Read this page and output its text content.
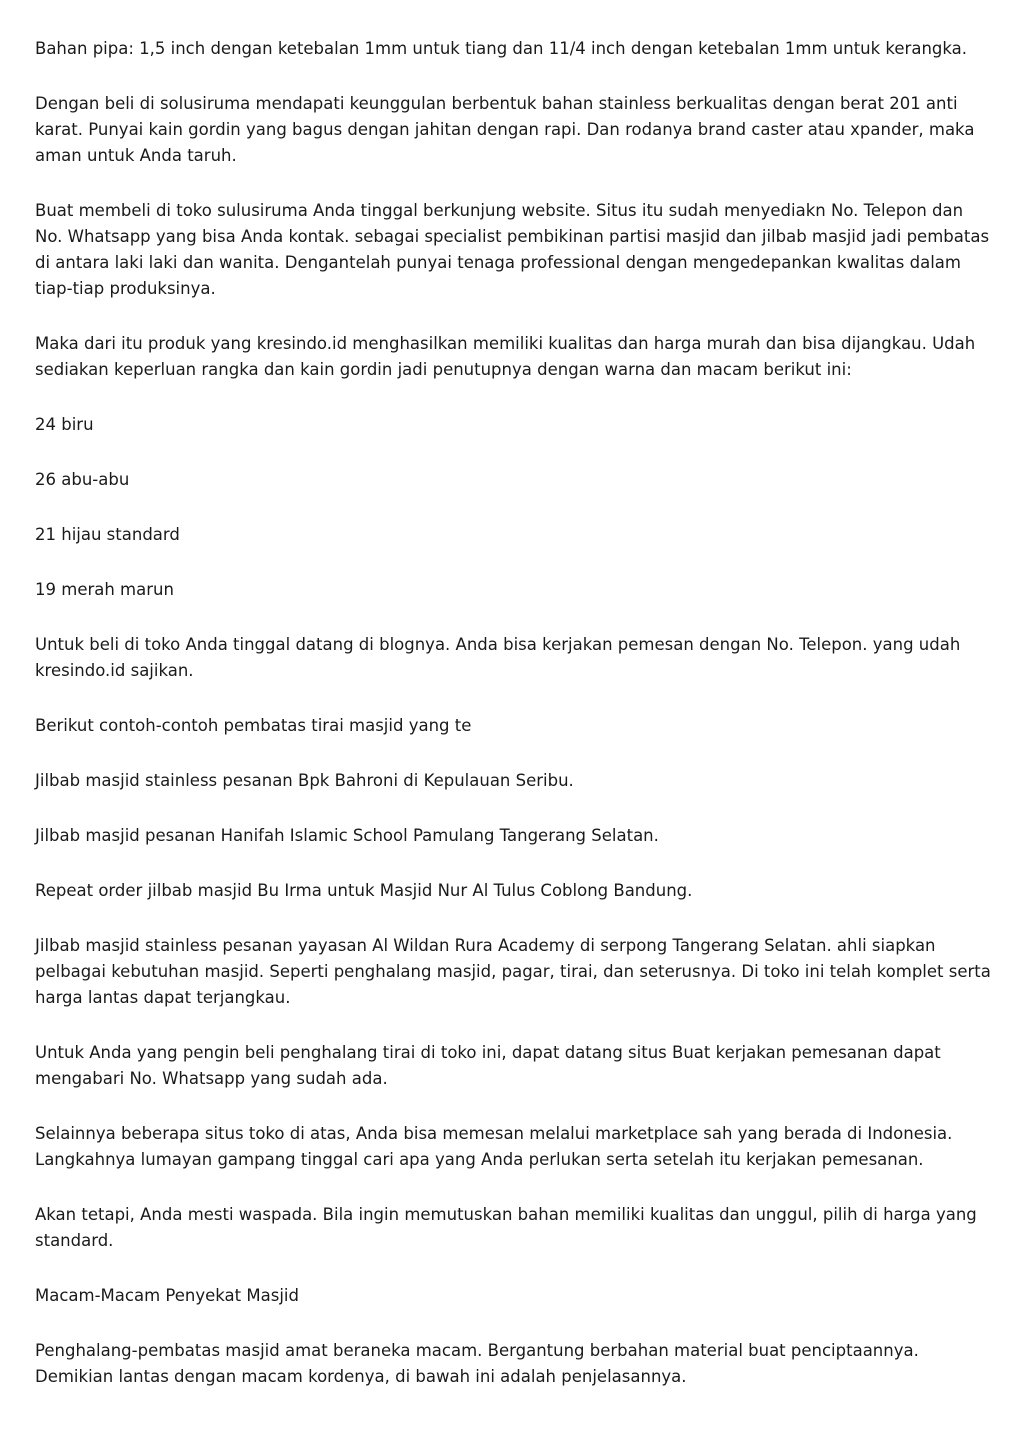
Bahan pipa: 1,5 inch dengan ketebalan 1mm untuk tiang dan 11/4 inch dengan ketebalan 1mm untuk kerangka.

Dengan beli di solusiruma mendapati keunggulan berbentuk bahan stainless berkualitas dengan berat 201 anti karat. Punyai kain gordin yang bagus dengan jahitan dengan rapi. Dan rodanya brand caster atau xpander, maka aman untuk Anda taruh.

Buat membeli di toko sulusiruma Anda tinggal berkunjung website. Situs itu sudah menyediakn No. Telepon dan No. Whatsapp yang bisa Anda kontak. sebagai specialist pembikinan partisi masjid dan jilbab masjid jadi pembatas di antara laki laki dan wanita. Dengantelah punyai tenaga professional dengan mengedepankan kwalitas dalam tiap-tiap produksinya.

Maka dari itu produk yang kresindo.id menghasilkan memiliki kualitas dan harga murah dan bisa dijangkau. Udah sediakan keperluan rangka dan kain gordin jadi penutupnya dengan warna dan macam berikut ini:

24 biru

26 abu-abu

21 hijau standard

19 merah marun

Untuk beli di toko Anda tinggal datang di blognya. Anda bisa kerjakan pemesan dengan No. Telepon. yang udah kresindo.id sajikan.

Berikut contoh-contoh pembatas tirai masjid yang te

Jilbab masjid stainless pesanan Bpk Bahroni di Kepulauan Seribu.

Jilbab masjid pesanan Hanifah Islamic School Pamulang Tangerang Selatan.

Repeat order jilbab masjid Bu Irma untuk Masjid Nur Al Tulus Coblong Bandung.

Jilbab masjid stainless pesanan yayasan Al Wildan Rura Academy di serpong Tangerang Selatan. ahli siapkan pelbagai kebutuhan masjid. Seperti penghalang masjid, pagar, tirai, dan seterusnya. Di toko ini telah komplet serta harga lantas dapat terjangkau.

Untuk Anda yang pengin beli penghalang tirai di toko ini, dapat datang situs Buat kerjakan pemesanan dapat mengabari No. Whatsapp yang sudah ada.

Selainnya beberapa situs toko di atas, Anda bisa memesan melalui marketplace sah yang berada di Indonesia. Langkahnya lumayan gampang tinggal cari apa yang Anda perlukan serta setelah itu kerjakan pemesanan.

Akan tetapi, Anda mesti waspada. Bila ingin memutuskan bahan memiliki kualitas dan unggul, pilih di harga yang standard.

Macam-Macam Penyekat Masjid

Penghalang-pembatas masjid amat beraneka macam. Bergantung berbahan material buat penciptaannya. Demikian lantas dengan macam kordenya, di bawah ini adalah penjelasannya.
